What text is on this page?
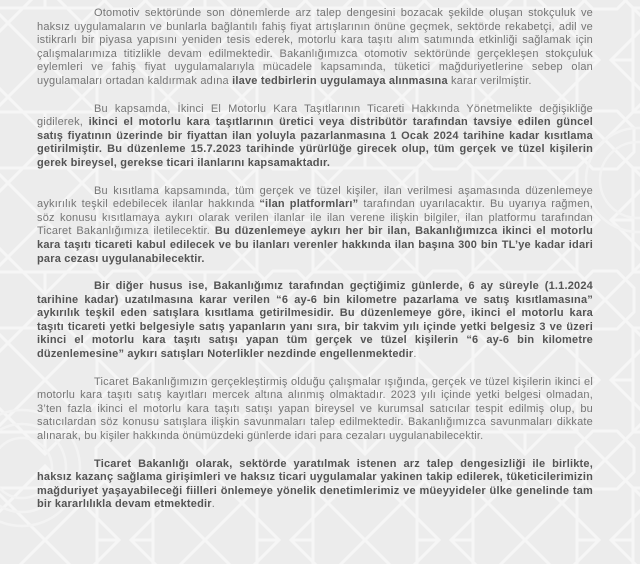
Otomotiv sektöründe son dönemlerde arz talep dengesini bozacak şekilde oluşan stokçuluk ve haksız uygulamaların ve bunlarla bağlantılı fahiş fiyat artışlarının önüne geçmek, sektörde rekabetçi, adil ve istikrarlı bir piyasa yapısını yeniden tesis ederek, motorlu kara taşıtı alım satımında etkinliği sağlamak için çalışmalarımıza titizlikle devam edilmektedir. Bakanlığımızca otomotiv sektöründe gerçekleşen stokçuluk eylemleri ve fahiş fiyat uygulamalarıyla mücadele kapsamında, tüketici mağduriyetlerine sebep olan uygulamaları ortadan kaldırmak adına ilave tedbirlerin uygulamaya alınmasına karar verilmiştir.

Bu kapsamda, İkinci El Motorlu Kara Taşıtlarının Ticareti Hakkında Yönetmelikte değişikliğe gidilerek, ikinci el motorlu kara taşıtlarının üretici veya distribütör tarafından tavsiye edilen güncel satış fiyatının üzerinde bir fiyattan ilan yoluyla pazarlanmasına 1 Ocak 2024 tarihine kadar kısıtlama getirilmiştir. Bu düzenleme 15.7.2023 tarihinde yürürlüğe girecek olup, tüm gerçek ve tüzel kişilerin gerek bireysel, gerekse ticari ilanlarını kapsamaktadır.

Bu kısıtlama kapsamında, tüm gerçek ve tüzel kişiler, ilan verilmesi aşamasında düzenlemeye aykırılık teşkil edebilecek ilanlar hakkında “ilan platformları” tarafından uyarılacaktır. Bu uyarıya rağmen, söz konusu kısıtlamaya aykırı olarak verilen ilanlar ile ilan verene ilişkin bilgiler, ilan platformu tarafından Ticaret Bakanlığımıza iletilecektir. Bu düzenlemeye aykırı her bir ilan, Bakanlığımızca ikinci el motorlu kara taşıtı ticareti kabul edilecek ve bu ilanları verenler hakkında ilan başına 300 bin TL’ye kadar idari para cezası uygulanabilecektir.

Bir diğer husus ise, Bakanlığımız tarafından geçtiğimiz günlerde, 6 ay süreyle (1.1.2024 tarihine kadar) uzatılmasına karar verilen “6 ay-6 bin kilometre pazarlama ve satış kısıtlamasına” aykırılık teşkil eden satışlara kısıtlama getirilmesidir. Bu düzenlemeye göre, ikinci el motorlu kara taşıtı ticareti yetki belgesiyle satış yapanların yanı sıra, bir takvim yılı içinde yetki belgesiz 3 ve üzeri ikinci el motorlu kara taşıtı satışı yapan tüm gerçek ve tüzel kişilerin “6 ay-6 bin kilometre düzenlemesine” aykırı satışları Noterlikler nezdinde engellenmektedir.

Ticaret Bakanlığımızın gerçekleştirmiş olduğu çalışmalar ışığında, gerçek ve tüzel kişilerin ikinci el motorlu kara taşıtı satış kayıtları mercek altına alınmış olmaktadır. 2023 yılı içinde yetki belgesi olmadan, 3’ten fazla ikinci el motorlu kara taşıtı satışı yapan bireysel ve kurumsal satıcılar tespit edilmiş olup, bu satıcılardan söz konusu satışlara ilişkin savunmaları talep edilmektedir. Bakanlığımızca savunmaları dikkate alınarak, bu kişiler hakkında önümüzdeki günlerde idari para cezaları uygulanabilecektir.

Ticaret Bakanlığı olarak, sektörde yaratılmak istenen arz talep dengesizliği ile birlikte, haksız kazanç sağlama girişimleri ve haksız ticari uygulamalar yakinen takip edilerek, tüketicilerimizin mağduriyet yaşayabileceği fiilleri önlemeye yönelik denetimlerimiz ve müeyyideler ülke genelinde tam bir kararlılıkla devam etmektedir.
